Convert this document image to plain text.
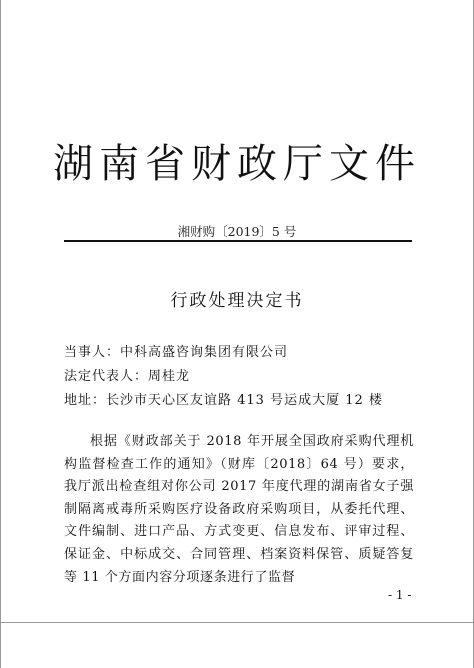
湖南省财政厅文件
湘财购〔2019〕5 号
行政处理决定书
当事人：中科高盛咨询集团有限公司
法定代表人：周桂龙
地址：长沙市天心区友谊路 413 号运成大厦 12 楼
根据《财政部关于 2018 年开展全国政府采购代理机构监督检查工作的通知》（财库〔2018〕64 号）要求，我厅派出检查组对你公司 2017 年度代理的湖南省女子强制隔离戒毒所采购医疗设备政府采购项目，从委托代理、文件编制、进口产品、方式变更、信息发布、评审过程、保证金、中标成交、合同管理、档案资料保管、质疑答复等 11 个方面内容分项逐条进行了监督
- 1 -
